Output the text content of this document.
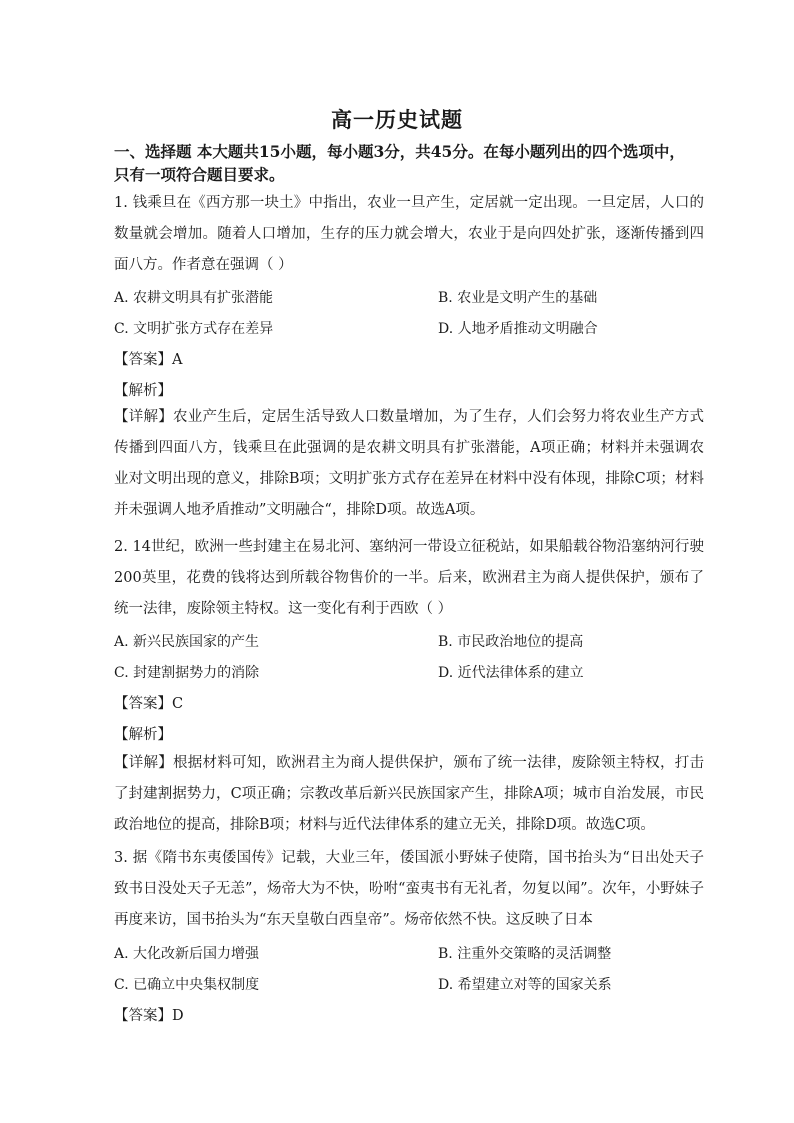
高一历史试题
一、选择题 本大题共15小题，每小题3分，共45分。在每小题列出的四个选项中，
只有一项符合题目要求。
1. 钱乘旦在《西方那一块土》中指出，农业一旦产生，定居就一定出现。一旦定居，人口的数量就会增加。随着人口增加，生存的压力就会增大，农业于是向四处扩张，逐渐传播到四面八方。作者意在强调（ ）
A. 农耕文明具有扩张潜能	B. 农业是文明产生的基础
C. 文明扩张方式存在差异	D. 人地矛盾推动文明融合
【答案】A
【解析】
【详解】农业产生后，定居生活导致人口数量增加，为了生存，人们会努力将农业生产方式传播到四面八方，钱乘旦在此强调的是农耕文明具有扩张潜能，A项正确；材料并未强调农业对文明出现的意义，排除B项；文明扩张方式存在差异在材料中没有体现，排除C项；材料并未强调人地矛盾推动”文明融合“，排除D项。故选A项。
2. 14世纪，欧洲一些封建主在易北河、塞纳河一带设立征税站，如果船载谷物沿塞纳河行驶200英里，花费的钱将达到所载谷物售价的一半。后来，欧洲君主为商人提供保护，颁布了统一法律，废除领主特权。这一变化有利于西欧（ ）
A. 新兴民族国家的产生	B. 市民政治地位的提高
C. 封建割据势力的消除	D. 近代法律体系的建立
【答案】C
【解析】
【详解】根据材料可知，欧洲君主为商人提供保护，颁布了统一法律，废除领主特权，打击了封建割据势力，C项正确；宗教改革后新兴民族国家产生，排除A项；城市自治发展，市民政治地位的提高，排除B项；材料与近代法律体系的建立无关，排除D项。故选C项。
3. 据《隋书东夷倭国传》记载，大业三年，倭国派小野妹子使隋，国书抬头为“日出处天子致书日没处天子无恙”，炀帝大为不快，吩咐“蛮夷书有无礼者，勿复以闻”。次年，小野妹子再度来访，国书抬头为“东天皇敬白西皇帝”。炀帝依然不快。这反映了日本
A. 大化改新后国力增强	B. 注重外交策略的灵活调整
C. 已确立中央集权制度	D. 希望建立对等的国家关系
【答案】D
